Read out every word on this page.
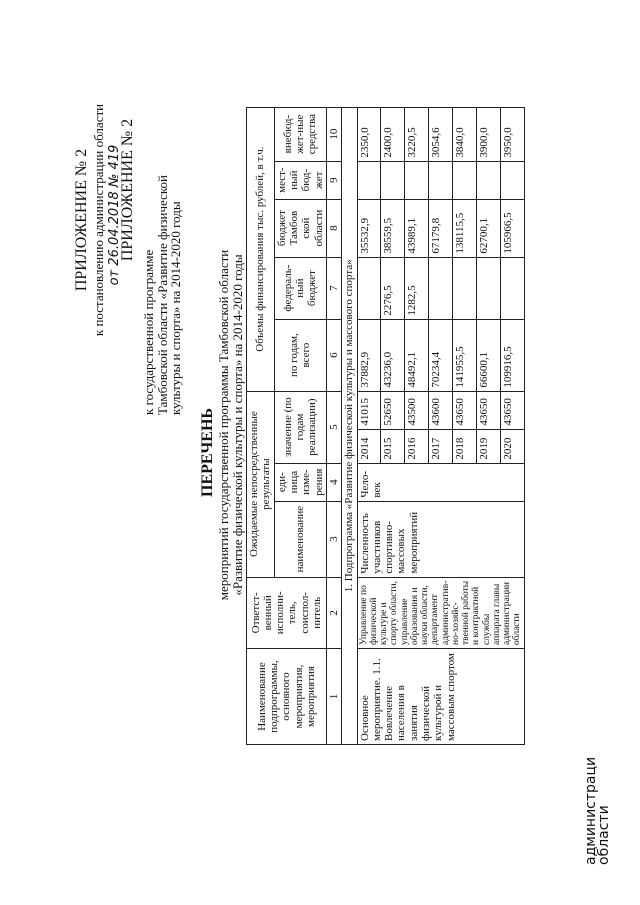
ПРИЛОЖЕНИЕ № 2 к постановлению администрации области от 26.04.2018 № 419
ПРИЛОЖЕНИЕ № 2
к государственной программе
Тамбовской области «Развитие физической
культуры и спорта» на 2014-2020 годы
ПЕРЕЧЕНЬ мероприятий государственной программы Тамбовской области
«Развитие физической культуры и спорта» на 2014-2020 годы
Наименование подпрограммы, основного мероприятия, мероприятия	Ответст-венный исполни-тель, соиспол-нитель	Ожидаемые непосредственные результаты				Объемы финансирования тыс. рублей, в т.ч.				
		наименование	еди-ница изме-рения	значение (по годам реализации)		по годам, всего	федераль-ный бюджет	бюджет Тамбов ской области	мест-ный бюд-жет	внебюд-жет-ные средства
1	2	3	4	5		6	7	8	9	10
1. Подпрограмма «Развитие физической культуры и массового спорта»										
Основное мероприятие. 1.1. Вовлечение населения в занятия физической культурой и массовым спортом	Управление по физической культуре и спорту области, управление образования и науки области, департамент административ-но-хозяйс-твенной работы и контрактной службы аппарата главы администрации области	Численность участников спортивно-массовых мероприятий	Чело-век	2014	41015	37882,9		35532,9		2350,0
				2015	52650	43236,0	2276,5	38559,5		2400,0
				2016	43500	48492,1	1282,5	43989,1		3220,5
				2017	43600	70234,4		67179,8		3054,6
				2018	43650	141955,5		138115,5		3840,0
				2019	43650	66600,1		62700,1		3900,0
				2020	43650	109916,5		105966,5		3950,0
администраци
области
